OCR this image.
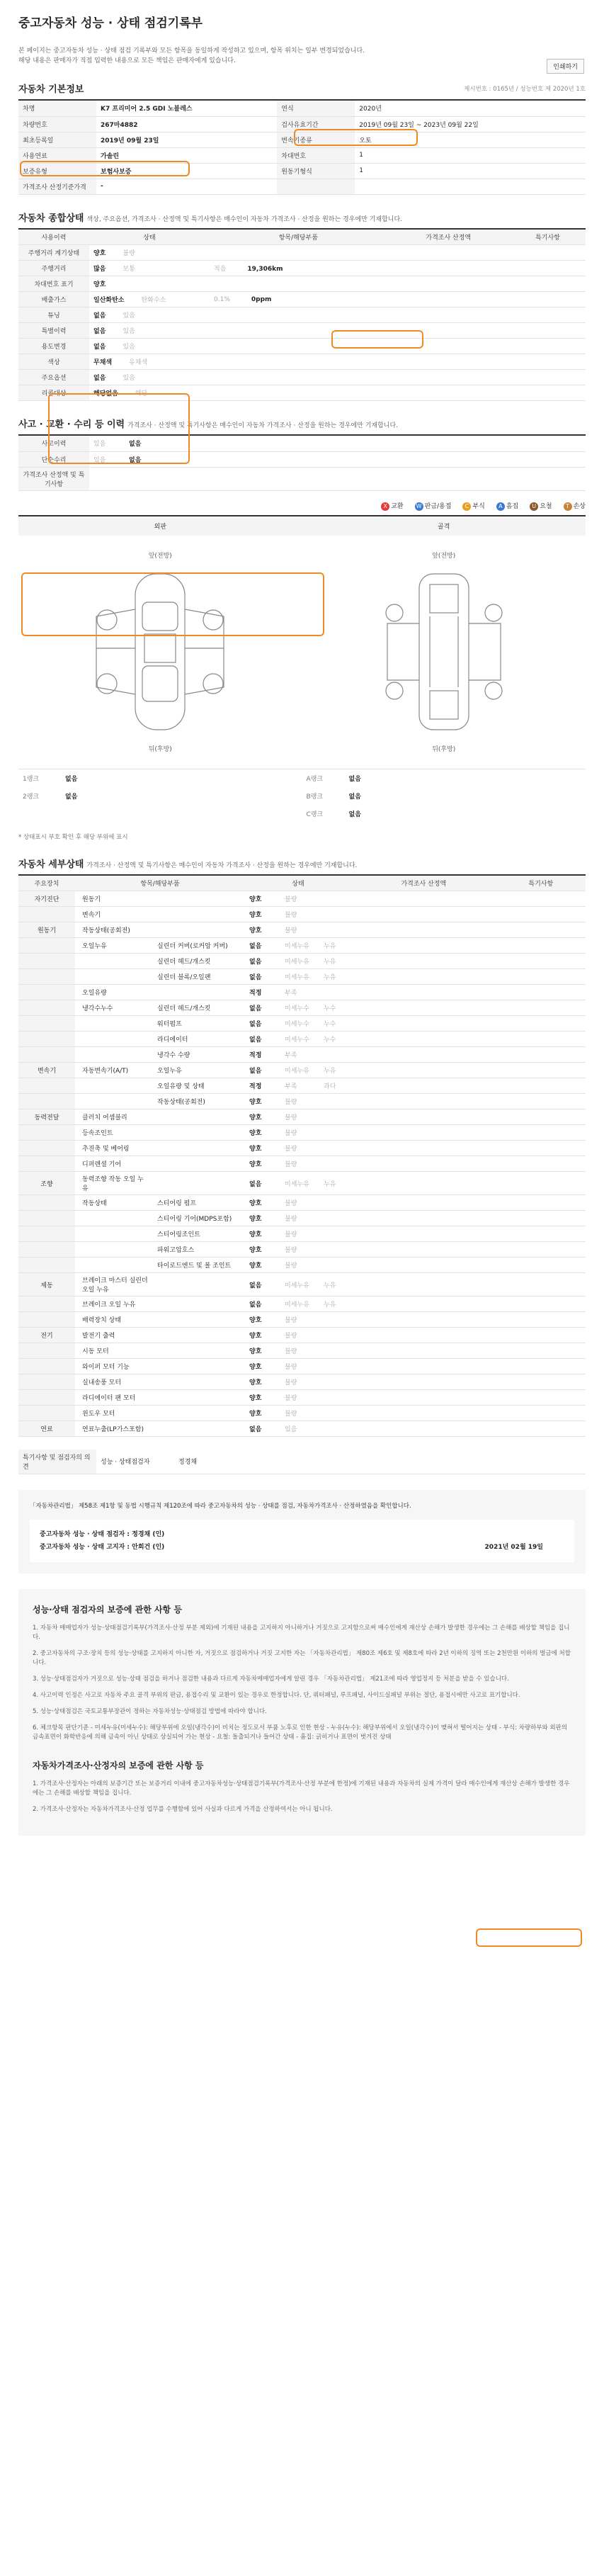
중고자동차 성능 · 상태 점검기록부
인쇄하기
본 페이지는 중고자동차 성능 · 상태 점검 기록부와 모든 항목을 동일하게 작성하고 있으며, 항목 위치는 일부 변경되었습니다.
해당 내용은 판매자가 직접 입력한 내용으로 모든 책임은 판매자에게 있습니다.
자동차 기본정보	제시번호 : 0165년 / 성능번호 제 2020년 1호
차명	K7 프리미어 2.5 GDI 노블레스	연식	2020년
차량번호	267마4882	검사유효기간	2019년 09월 23일 ~ 2023년 09월 22일
최초등록일	2019년 09월 23일	변속기종류	오토
사용연료	가솔린	차대번호	1
보증유형	보험사보증	원동기형식	1
가격조사 산정기준가격	-		
자동차 종합상태 색상, 주요옵션, 가격조사 · 산정액 및 특기사항은 매수인이 자동차 가격조사 · 산정을 원하는 경우에만 기재합니다.
사용이력	상태	항목/해당부품	가격조사 산정액	특기사항
주행거리 계기상태	양호 불량			
주행거리	많음 보통	적음 19,306km		
차대번호 표기	양호			
배출가스	일산화탄소 탄화수소	0.1% 0ppm		
튜닝	없음 있음			
특별이력	없음 있음			
용도변경	없음 있음			
색상	무채색 유채색			
주요옵션	없음 있음			
리콜대상	해당없음 해당			
사고 · 교환 · 수리 등 이력 가격조사 · 산정액 및 특기사항은 매수인이 자동차 가격조사 · 산정을 원하는 경우에만 기재합니다.
사고이력	있음	없음	
단순수리	있음	없음	
가격조사 산정액 및 특기사항			
X 교환 W 판금/용접 C 부식 A 흠집 U 요철 T 손상
외판	골격
앞(전방)
뒤(후방)
앞(전방)
뒤(후방)
1랭크	없음
2랭크	없음
A랭크	없음
B랭크	없음
C랭크	없음
* 상태표시 부호 확인 후 해당 부위에 표시
자동차 세부상태 가격조사 · 산정액 및 특기사항은 매수인이 자동차 가격조사 · 산정을 원하는 경우에만 기재합니다.
주요장치	항목/해당부품		상태			가격조사 산정액	특기사항
자기진단	원동기		양호	불량			
	변속기		양호	불량			
원동기	작동상태(공회전)		양호	불량			
	오일누유	실린더 커버(로커암 커버)	없음	미세누유	누유		
		실린더 헤드/개스킷	없음	미세누유	누유		
		실린더 블록/오일팬	없음	미세누유	누유		
	오일유량		적정	부족			
	냉각수누수	실린더 헤드/개스킷	없음	미세누수	누수		
		워터펌프	없음	미세누수	누수		
		라디에이터	없음	미세누수	누수		
		냉각수 수량	적정	부족			
변속기	자동변속기(A/T)	오일누유	없음	미세누유	누유		
		오일유량 및 상태	적정	부족	과다		
		작동상태(공회전)	양호	불량			
동력전달	클러치 어셈블리		양호	불량			
	등속조인트		양호	불량			
	추진축 및 베어링		양호	불량			
	디퍼렌셜 기어		양호	불량			
조향	동력조향 작동 오일 누유		없음	미세누유	누유		
	작동상태	스티어링 펌프	양호	불량			
		스티어링 기어(MDPS포함)	양호	불량			
		스티어링조인트	양호	불량			
		파워고압호스	양호	불량			
		타이로드엔드 및 볼 조인트	양호	불량			
제동	브레이크 마스터 실린더오일 누유		없음	미세누유	누유		
	브레이크 오일 누유		없음	미세누유	누유		
	배력장치 상태		양호	불량			
전기	발전기 출력		양호	불량			
	시동 모터		양호	불량			
	와이퍼 모터 기능		양호	불량			
	실내송풍 모터		양호	불량			
	라디에이터 팬 모터		양호	불량			
	윈도우 모터		양호	불량			
연료	연료누출(LP가스포함)		없음	있음			
특기사항 및 점검자의 의견	성능 · 상태점검자	정경채
「자동차관리법」 제58조 제1항 및 동법 시행규칙 제120조에 따라 중고자동차의 성능 · 상태를 점검, 자동차가격조사 · 산정하였음을 확인합니다.
중고자동차 성능 · 상태 점검자 : 정경채 (인)
중고자동차 성능 · 상태 고지자 : 안희건 (인)	2021년 02월 19일
성능·상태 점검자의 보증에 관한 사항 등

1. 자동차 매매업자가 성능·상태점검기록부(가격조사·산정 부분 제외)에 기재된 내용을 고지하지 아니하거나 거짓으로 고지함으로써 매수인에게 재산상 손해가 발생한 경우에는 그 손해를 배상할 책임을 집니다.

2. 중고자동차의 구조·장치 등의 성능·상태를 고지하지 아니한 자, 거짓으로 점검하거나 거짓 고지한 자는 「자동차관리법」 제80조 제6호 및 제8호에 따라 2년 이하의 징역 또는 2천만원 이하의 벌금에 처합니다.

3. 성능·상태점검자가 거짓으로 성능·상태 점검을 하거나 점검한 내용과 다르게 자동차매매업자에게 알린 경우 「자동차관리법」 제21조에 따라 영업정지 등 처분을 받을 수 있습니다.

4. 사고이력 인정은 사고로 자동차 주요 골격 부위의 판금, 용접수리 및 교환이 있는 경우로 한정합니다. 단, 쿼터패널, 루프패널, 사이드실패널 부위는 절단, 용접시에만 사고로 표기합니다.

5. 성능·상태점검은 국토교통부장관이 정하는 자동차성능·상태점검 방법에 따라야 합니다.

6. 체크항목 판단기준 - 미세누유(미세누수): 해당부위에 오일(냉각수)이 비치는 정도로서 부품 노후로 인한 현상 - 누유(누수): 해당부위에서 오일(냉각수)이 맺혀서 떨어지는 상태 - 부식: 차량하부와 외판의 금속표면이 화학반응에 의해 금속이 아닌 상태로 상실되어 가는 현상 - 요철: 돌출되거나 들어간 상태 - 흠집: 긁히거나 표면이 벗겨진 상태

자동차가격조사·산정자의 보증에 관한 사항 등

1. 가격조사·산정자는 아래의 보증기간 또는 보증거리 이내에 중고자동차성능·상태점검기록부(가격조사·산정 부분에 한정)에 기재된 내용과 자동차의 실제 가격이 달라 매수인에게 재산상 손해가 발생한 경우에는 그 손해를 배상할 책임을 집니다.

2. 가격조사·산정자는 자동차가격조사·산정 업무를 수행함에 있어 사실과 다르게 가격을 산정하여서는 아니 됩니다.
